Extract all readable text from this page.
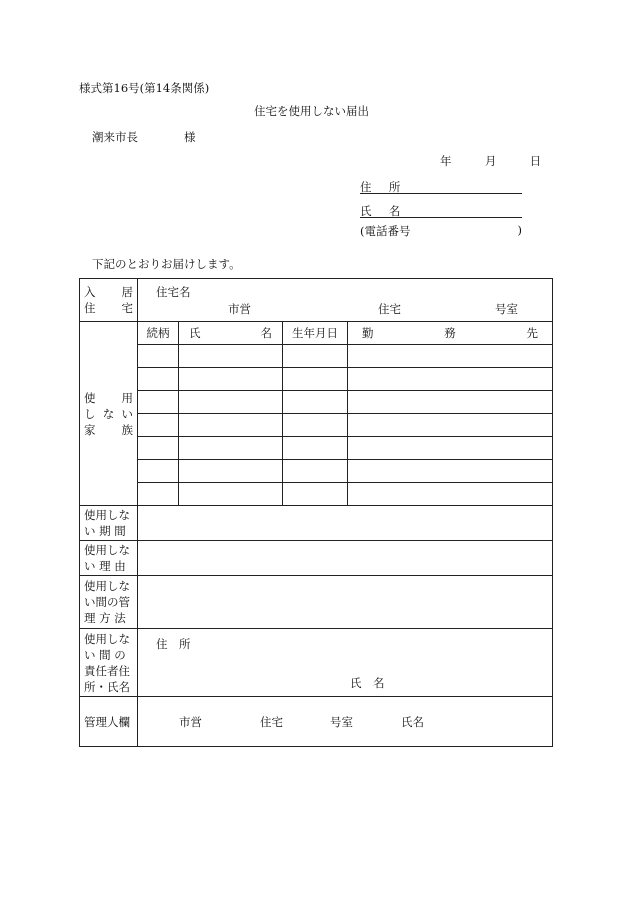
様式第16号(第14条関係)
住宅を使用しない届出
潮来市長	様
年	月	日
住 所
氏 名
(電話番号	)
下記のとおりお届けします。
入 居
住 宅

住宅名
市営	住宅	号室

使 用
し な い
家 族

続柄	氏	名	生年月日	勤	務	先

使用しな
い 期 間

使用しな
い 理 由

使用しな
い間の管
理 方 法

使用しな
い 間 の
責任者住
所・氏名

住　所
氏　名

管理人欄	市営	住宅	号室	氏名
